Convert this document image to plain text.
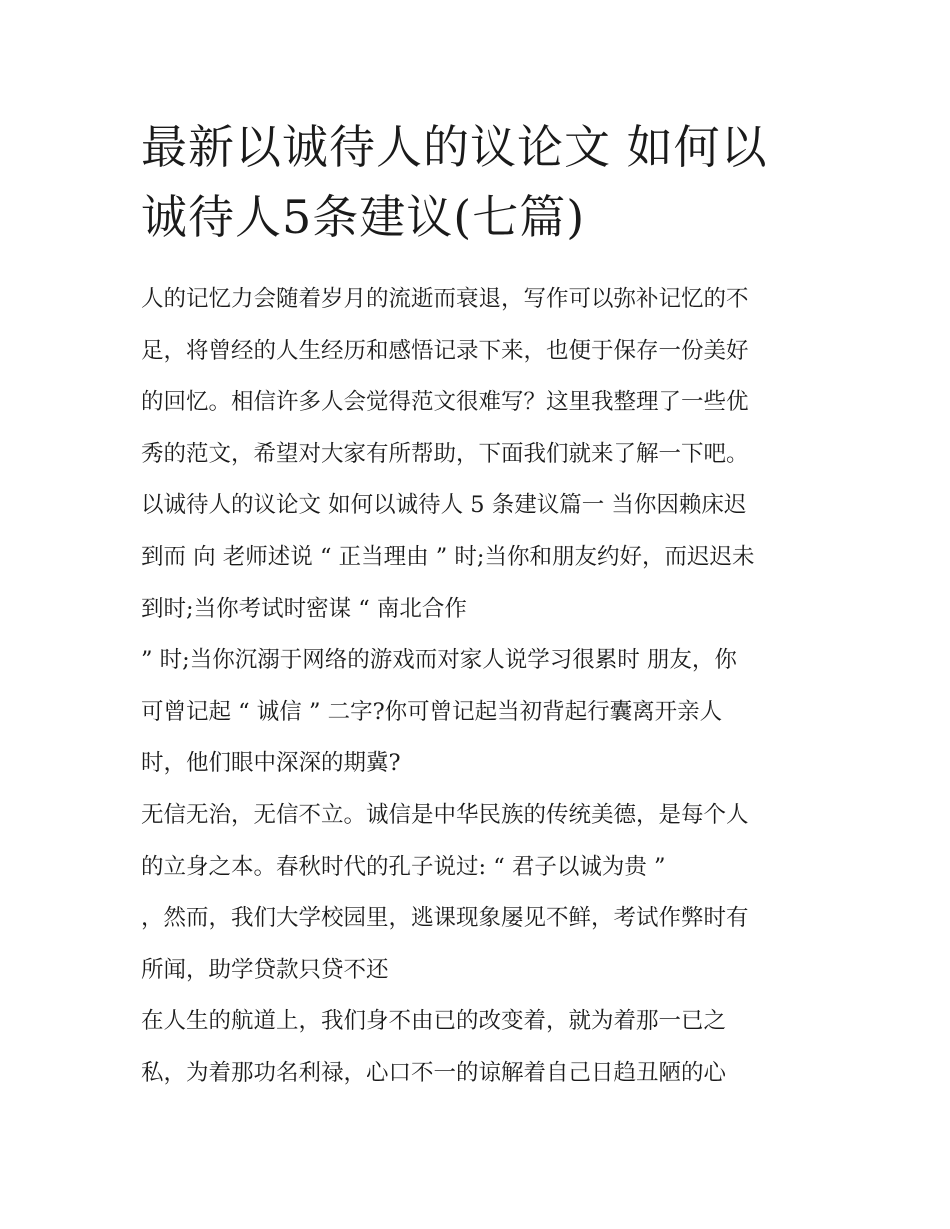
最新以诚待人的议论文 如何以
诚待人5条建议(七篇)
人的记忆力会随着岁月的流逝而衰退，写作可以弥补记忆的不
足，将曾经的人生经历和感悟记录下来，也便于保存一份美好
的回忆。相信许多人会觉得范文很难写？这里我整理了一些优
秀的范文，希望对大家有所帮助，下面我们就来了解一下吧。
以诚待人的议论文 如何以诚待人 5 条建议篇一 当你因赖床迟
到而 向 老师述说 “ 正当理由 ” 时;当你和朋友约好，而迟迟未
到时;当你考试时密谋 “ 南北合作
” 时;当你沉溺于网络的游戏而对家人说学习很累时 朋友，你
可曾记起 “ 诚信 ” 二字?你可曾记起当初背起行囊离开亲人
时，他们眼中深深的期冀?
无信无治，无信不立。诚信是中华民族的传统美德，是每个人
的立身之本。春秋时代的孔子说过: “ 君子以诚为贵 ”
，然而，我们大学校园里，逃课现象屡见不鲜，考试作弊时有
所闻，助学贷款只贷不还
在人生的航道上，我们身不由已的改变着，就为着那一已之
私，为着那功名利禄，心口不一的谅解着自己日趋丑陋的心
